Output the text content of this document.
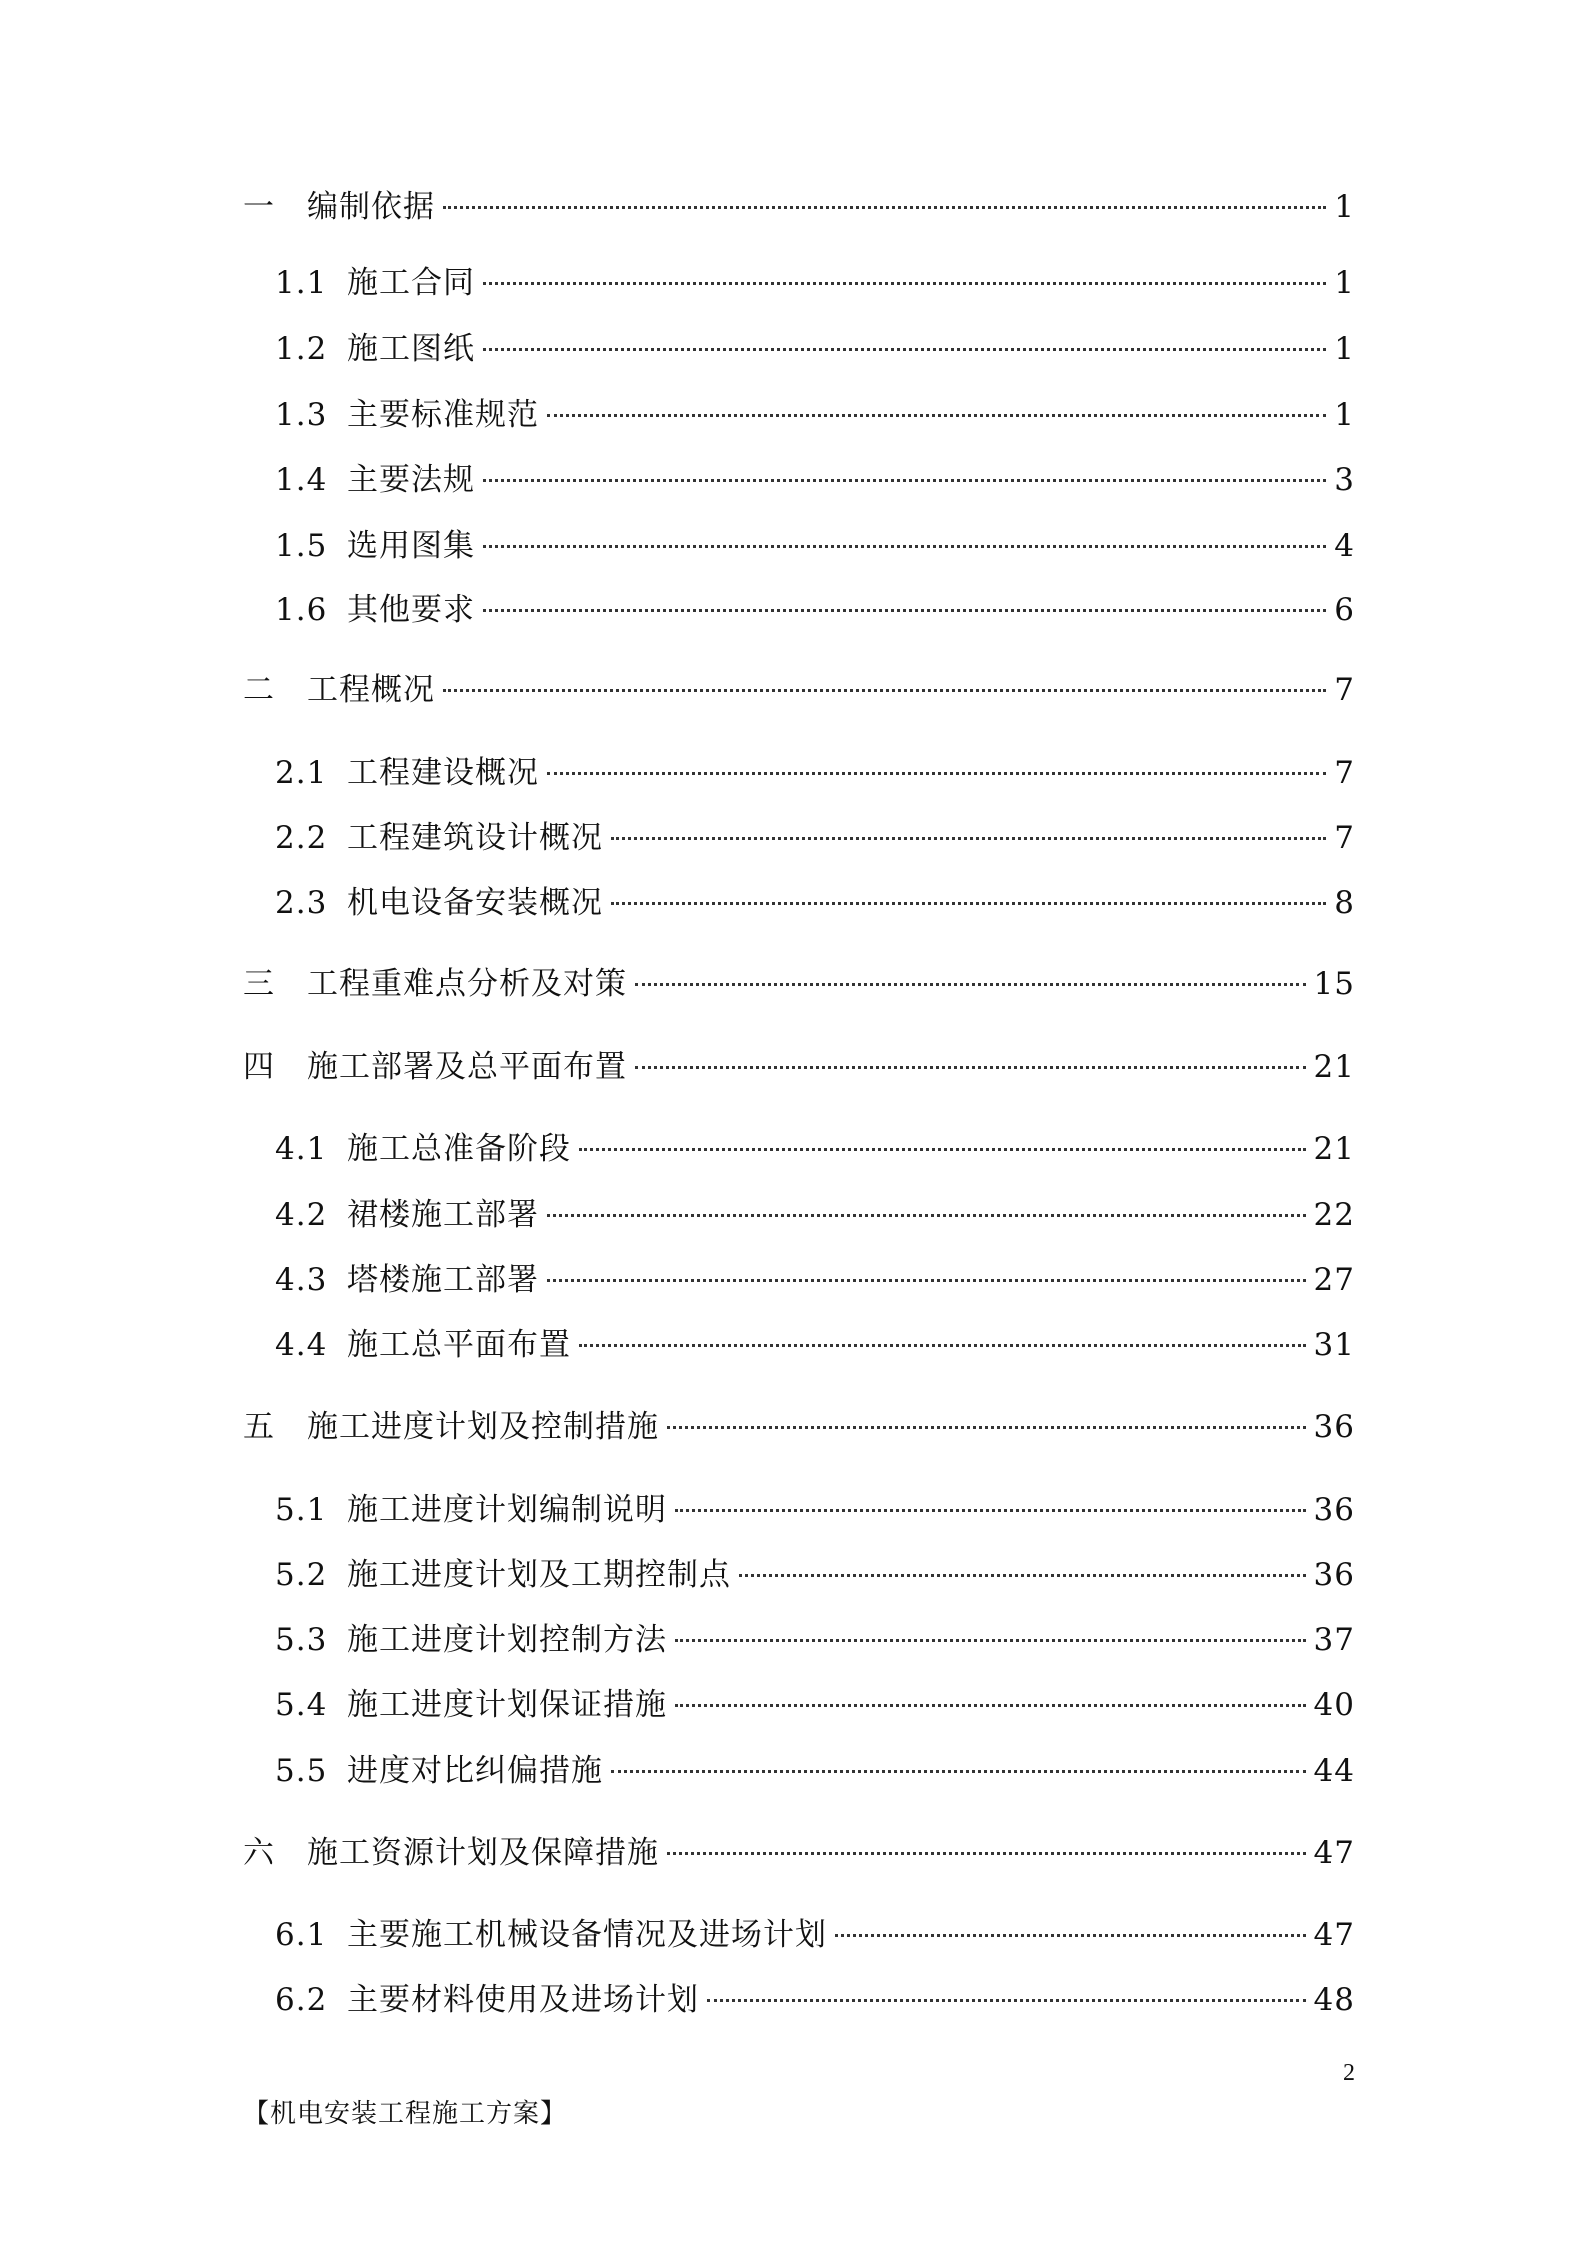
一	编制依据	1
1.1 施工合同	1
1.2 施工图纸	1
1.3 主要标准规范	1
1.4 主要法规	3
1.5 选用图集	4
1.6 其他要求	6
二	工程概况	7
2.1 工程建设概况	7
2.2 工程建筑设计概况	7
2.3 机电设备安装概况	8
三	工程重难点分析及对策	15
四	施工部署及总平面布置	21
4.1 施工总准备阶段	21
4.2 裙楼施工部署	22
4.3 塔楼施工部署	27
4.4 施工总平面布置	31
五	施工进度计划及控制措施	36
5.1 施工进度计划编制说明	36
5.2 施工进度计划及工期控制点	36
5.3 施工进度计划控制方法	37
5.4 施工进度计划保证措施	40
5.5 进度对比纠偏措施	44
六	施工资源计划及保障措施	47
6.1 主要施工机械设备情况及进场计划	47
6.2 主要材料使用及进场计划	48
2
【机电安装工程施工方案】
